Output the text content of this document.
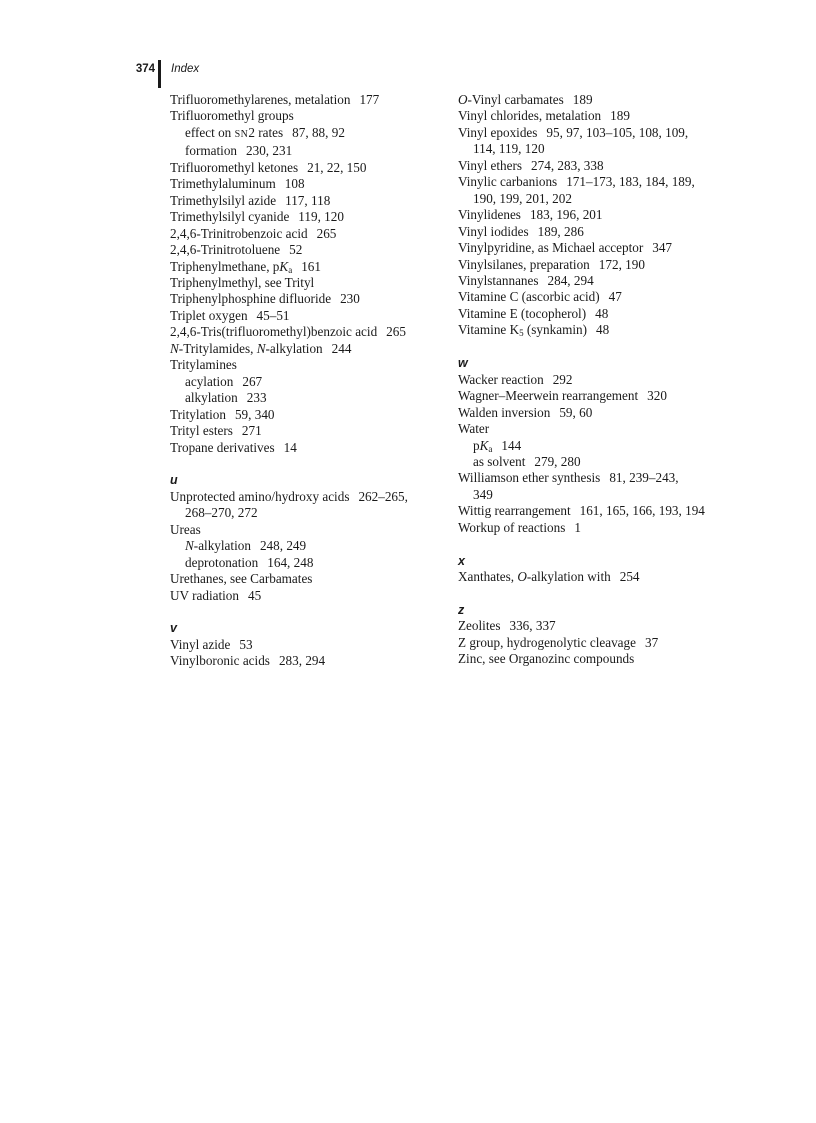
374 Index
Trifluoromethylarenes, metalation 177
Trifluoromethyl groups
effect on SN2 rates 87, 88, 92
formation 230, 231
Trifluoromethyl ketones 21, 22, 150
Trimethylaluminum 108
Trimethylsilyl azide 117, 118
Trimethylsilyl cyanide 119, 120
2,4,6-Trinitrobenzoic acid 265
2,4,6-Trinitrotoluene 52
Triphenylmethane, $pK_a$ 161
Triphenylmethyl, see Trityl
Triphenylphosphine difluoride 230
Triplet oxygen 45–51
2,4,6-Tris(trifluoromethyl)benzoic acid 265
N-Tritylamides, N-alkylation 244
Tritylamines
acylation 267
alkylation 233
Tritylation 59, 340
Trityl esters 271
Tropane derivatives 14
u
Unprotected amino/hydroxy acids 262–265,
268–270, 272
Ureas
N-alkylation 248, 249
deprotonation 164, 248
Urethanes, see Carbamates
UV radiation 45
v
Vinyl azide 53
Vinylboronic acids 283, 294
O-Vinyl carbamates 189
Vinyl chlorides, metalation 189
Vinyl epoxides 95, 97, 103–105, 108, 109,
114, 119, 120
Vinyl ethers 274, 283, 338
Vinylic carbanions 171–173, 183, 184, 189,
190, 199, 201, 202
Vinylidenes 183, 196, 201
Vinyl iodides 189, 286
Vinylpyridine, as Michael acceptor 347
Vinylsilanes, preparation 172, 190
Vinylstannanes 284, 294
Vitamine C (ascorbic acid) 47
Vitamine E (tocopherol) 48
Vitamine $K_5$ (synkamin) 48
w
Wacker reaction 292
Wagner–Meerwein rearrangement 320
Walden inversion 59, 60
Water
$pK_a$ 144
as solvent 279, 280
Williamson ether synthesis 81, 239–243,
349
Wittig rearrangement 161, 165, 166, 193, 194
Workup of reactions 1
x
Xanthates, O-alkylation with 254
z
Zeolites 336, 337
Z group, hydrogenolytic cleavage 37
Zinc, see Organozinc compounds
